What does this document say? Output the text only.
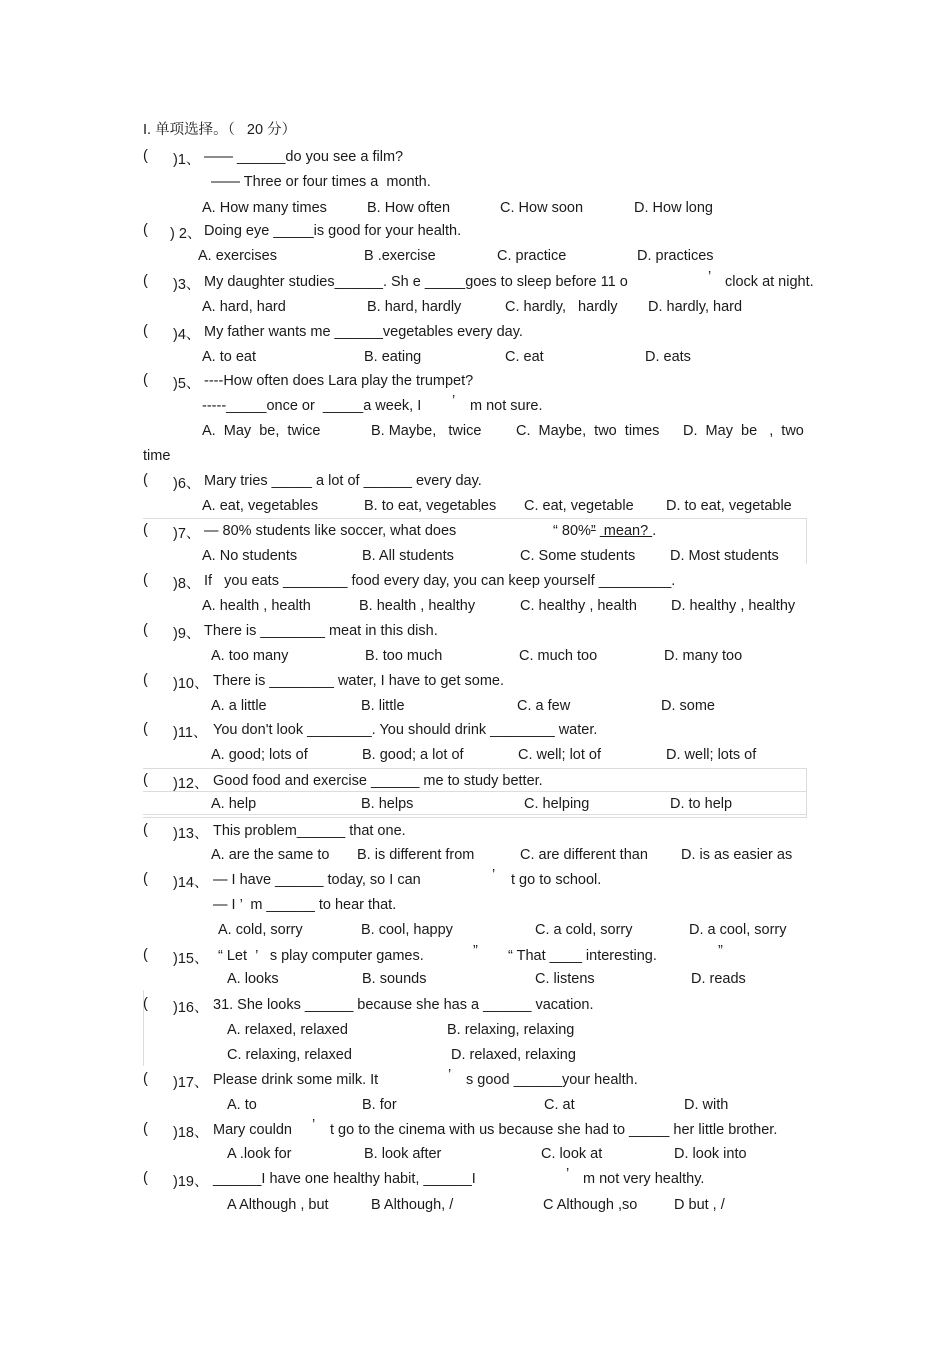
I. 单项选择。（   20 分）
( )1、 —— ______do you see a film?
—— Three or four times a  month.
A. How many times	B. How often	C. How soon	D. How long
( ) 2、 Doing eye _____is good for your health.
A. exercises	B .exercise	C. practice	D. practices
( )3、 My daughter studies______. Sh e _____goes to sleep before 11 o	’ clock at night.
A. hard, hard	B. hard, hardly	C. hardly,   hardly D. hardly, hard
( )4、 My father wants me ______vegetables every day.
A. to eat	B. eating	C. eat	D. eats
( )5、 ----How often does Lara play the trumpet?
-----_____once or  _____a week, I ’ m not sure.
A.  May  be,  twice	B. Maybe,   twice C.  Maybe,  two  times D.  May  be   ,  two
time
( )6、 Mary tries _____ a lot of ______ every day.
A. eat, vegetables	B. to eat, vegetables C. eat, vegetable D. to eat, vegetable
( )7、 — 80% students like soccer, what does	“ 80%”  mean? .
A. No students	B. All students	C. Some students D. Most students
( )8、 If   you eats ________ food every day, you can keep yourself _________.
A. health , health	B. health , healthy	C. healthy , health D. healthy , healthy
( )9、 There is ________ meat in this dish.
A. too many	B. too much	C. much too	D. many too
( )10、 There is ________ water, I have to get some.
A. a little	B. little	C. a few	D. some
( )11、 You don't look ________. You should drink ________ water.
A. good; lots of	B. good; a lot of	C. well; lot of	D. well; lots of
( )12、 Good food and exercise ______ me to study better.
A. help	B. helps	C. helping	D. to help
( )13、 This problem______ that one.
A. are the same to B. is different from	C. are different than D. is as easier as
( )14、 — I have ______ today, so I can	’ t go to school.
— I ’  m ______ to hear that.
A. cold, sorry	B. cool, happy	C. a cold, sorry	D. a cool, sorry
( )15、 “ Let  ’   s play computer games.	” “ That ____ interesting.	”
A. looks	B. sounds	C. listens	D. reads
( )16、 31. She looks ______ because she has a ______ vacation.
A. relaxed, relaxed	B. relaxing, relaxing
C. relaxing, relaxed	D. relaxed, relaxing
( )17、 Please drink some milk. It	’ s good ______your health.
A. to	B. for	C. at	D. with
( )18、 Mary couldn ’ t go to the cinema with us because she had to _____ her little brother.
A .look for	B. look after	C. look at	D. look into
( )19、 ______I have one healthy habit, ______I	’ m not very healthy.
A Although , but	B Although, /	C Although ,so	D but , /
